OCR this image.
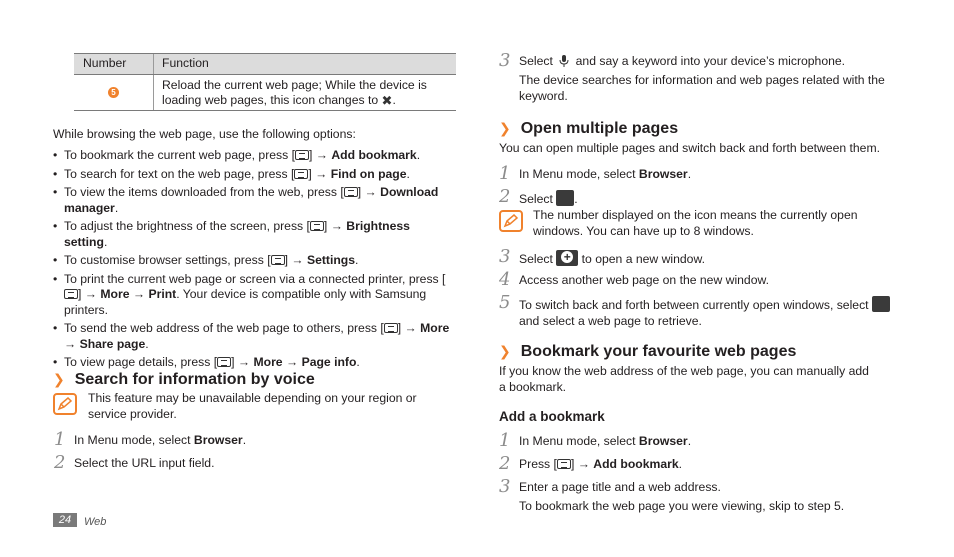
Number	Function
5
Reload the current web page; While the device is loading web pages, this icon changes to ✖.
While browsing the web page, use the following options:
• To bookmark the current web page, press [ ] → Add bookmark.
• To search for text on the web page, press [ ] → Find on page.
• To view the items downloaded from the web, press [ ] → Download manager.
• To adjust the brightness of the screen, press [ ] → Brightness setting.
• To customise browser settings, press [ ] → Settings.
• To print the current web page or screen via a connected printer, press [] → More → Print. Your device is compatible only with Samsung printers.
• To send the web address of the web page to others, press [ ] → More → Share page.
• To view page details, press [ ] → More → Page info.
❯ Search for information by voice
This feature may be unavailable depending on your region or service provider.
1 In Menu mode, select Browser.
2 Select the URL input field.
24	Web
3 Select and say a keyword into your device’s microphone.
The device searches for information and web pages related with the keyword.
❯ Open multiple pages
You can open multiple pages and switch back and forth between them.
1 In Menu mode, select Browser.
2 Select .
The number displayed on the icon means the currently open windows. You can have up to 8 windows.
3 Select + to open a new window.
4 Access another web page on the new window.
5 To switch back and forth between currently open windows, select  and select a web page to retrieve.
❯ Bookmark your favourite web pages
If you know the web address of the web page, you can manually add a bookmark.
Add a bookmark
1 In Menu mode, select Browser.
2 Press [ ] → Add bookmark.
3 Enter a page title and a web address.
To bookmark the web page you were viewing, skip to step 5.
